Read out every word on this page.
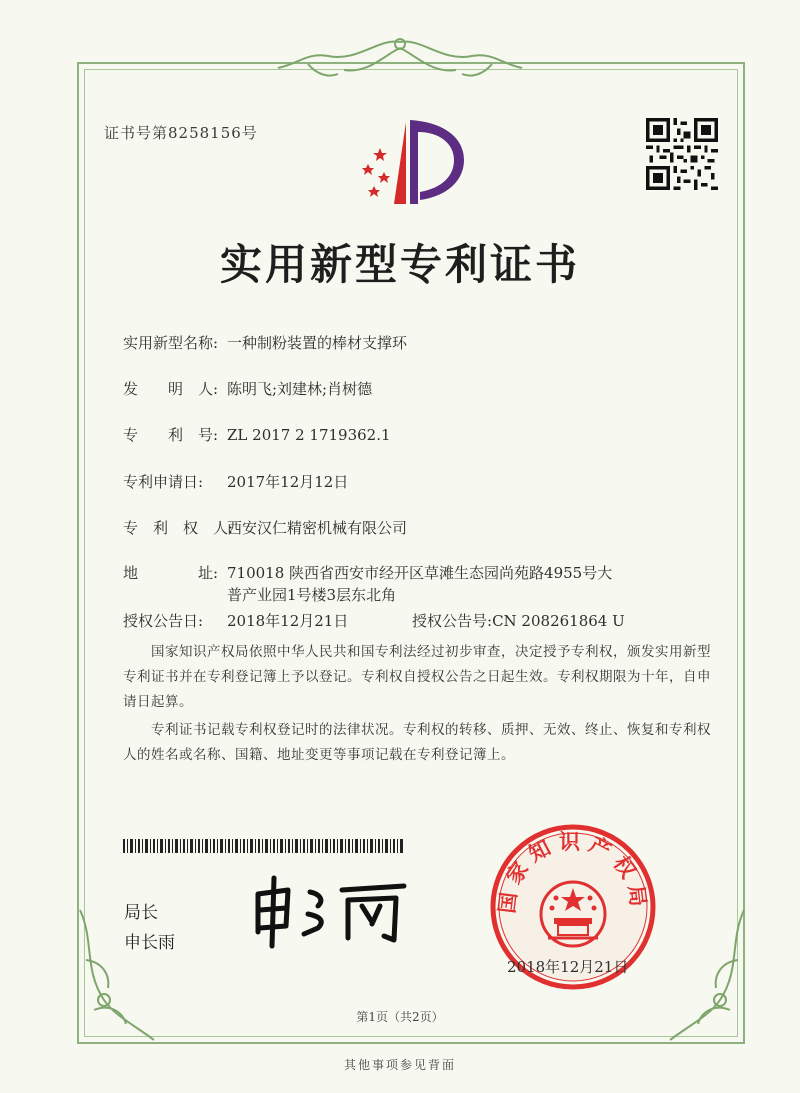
证书号第8258156号
实用新型专利证书
实用新型名称: 一种制粉装置的棒材支撑环
发　　明　人: 陈明飞;刘建林;肖树德
专　　利　号: ZL 2017 2 1719362.1
专利申请日: 2017年12月12日
专　利　权　人:西安汉仁精密机械有限公司
地　　　　址: 710018 陕西省西安市经开区草滩生态园尚苑路4955号大
普产业园1号楼3层东北角
授权公告日: 2018年12月21日	授权公告号:CN 208261864 U
国家知识产权局依照中华人民共和国专利法经过初步审查，决定授予专利权，颁发实用新型专利证书并在专利登记簿上予以登记。专利权自授权公告之日起生效。专利权期限为十年，自申请日起算。
专利证书记载专利权登记时的法律状况。专利权的转移、质押、无效、终止、恢复和专利权人的姓名或名称、国籍、地址变更等事项记载在专利登记簿上。
局长
申长雨
国家知识产权局
2018年12月21日
第1页（共2页）
其他事项参见背面
